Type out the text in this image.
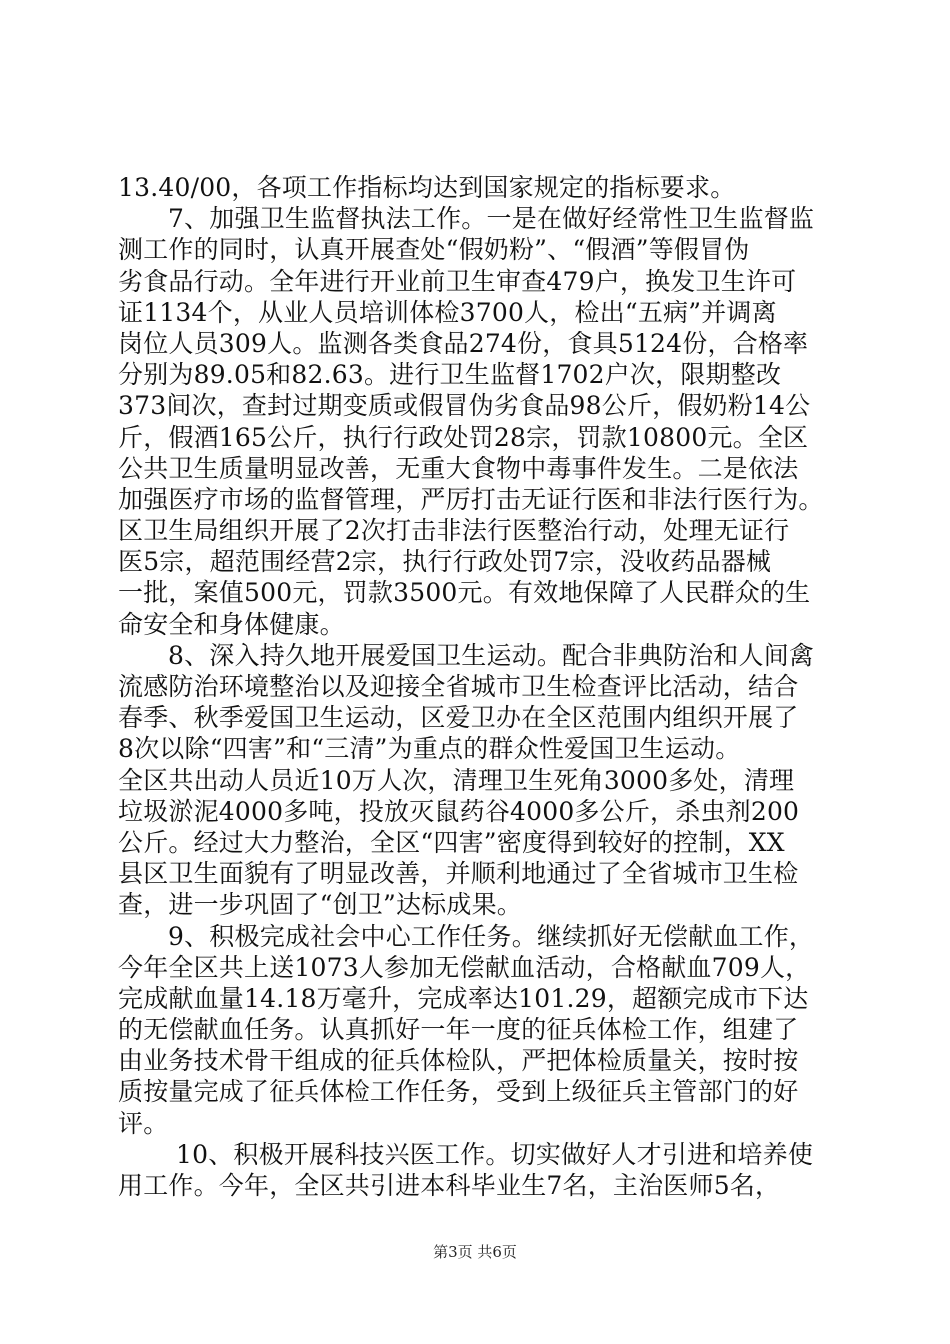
13.40/00，各项工作指标均达到国家规定的指标要求。
7、加强卫生监督执法工作。一是在做好经常性卫生监督监
测工作的同时，认真开展查处“假奶粉”、“假酒”等假冒伪
劣食品行动。全年进行开业前卫生审查479户，换发卫生许可
证1134个，从业人员培训体检3700人，检出“五病”并调离
岗位人员309人。监测各类食品274份，食具5124份，合格率
分别为89.05和82.63。进行卫生监督1702户次，限期整改
373间次，查封过期变质或假冒伪劣食品98公斤，假奶粉14公
斤，假酒165公斤，执行行政处罚28宗，罚款10800元。全区
公共卫生质量明显改善，无重大食物中毒事件发生。二是依法
加强医疗市场的监督管理，严厉打击无证行医和非法行医行为。
区卫生局组织开展了2次打击非法行医整治行动，处理无证行
医5宗，超范围经营2宗，执行行政处罚7宗，没收药品器械
一批，案值500元，罚款3500元。有效地保障了人民群众的生
命安全和身体健康。
8、深入持久地开展爱国卫生运动。配合非典防治和人间禽
流感防治环境整治以及迎接全省城市卫生检查评比活动，结合
春季、秋季爱国卫生运动，区爱卫办在全区范围内组织开展了
8次以除“四害”和“三清”为重点的群众性爱国卫生运动。
全区共出动人员近10万人次，清理卫生死角3000多处，清理
垃圾淤泥4000多吨，投放灭鼠药谷4000多公斤，杀虫剂200
公斤。经过大力整治，全区“四害”密度得到较好的控制，XX
县区卫生面貌有了明显改善，并顺利地通过了全省城市卫生检
查，进一步巩固了“创卫”达标成果。
9、积极完成社会中心工作任务。继续抓好无偿献血工作，
今年全区共上送1073人参加无偿献血活动，合格献血709人，
完成献血量14.18万毫升，完成率达101.29，超额完成市下达
的无偿献血任务。认真抓好一年一度的征兵体检工作，组建了
由业务技术骨干组成的征兵体检队，严把体检质量关，按时按
质按量完成了征兵体检工作任务，受到上级征兵主管部门的好
评。
10、积极开展科技兴医工作。切实做好人才引进和培养使
用工作。今年，全区共引进本科毕业生7名，主治医师5名，
第3页 共6页
